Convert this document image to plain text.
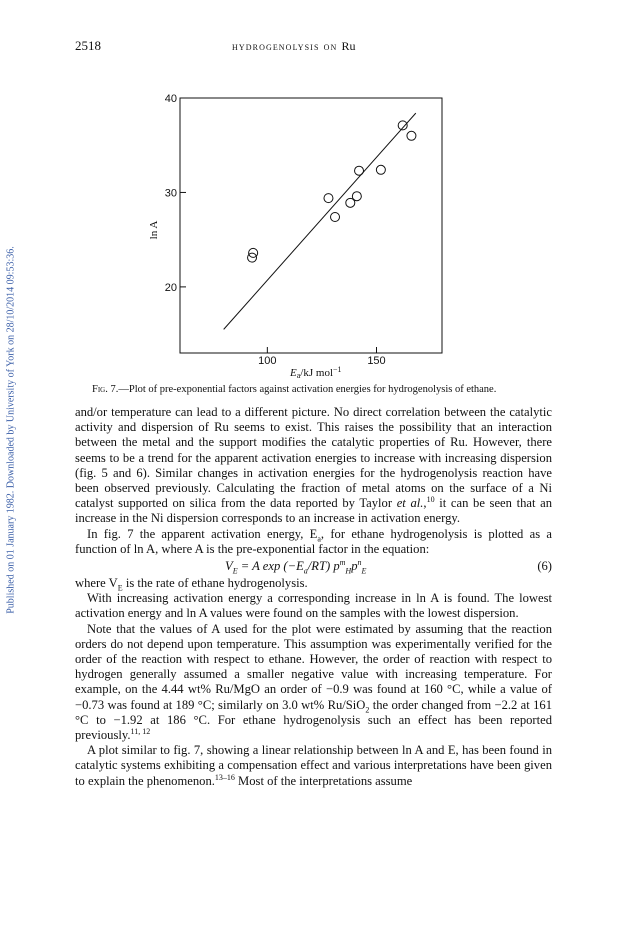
Published on 01 January 1982. Downloaded by University of York on 28/10/2014 09:53:36.
2518	hydrogenolysis on Ru
20
30
40
100	150
ln A
Ea/kJ mol$^{-1}$
Fig. 7.—Plot of pre-exponential factors against activation energies for hydrogenolysis of ethane.

and/or temperature can lead to a different picture. No direct correlation between the catalytic activity and dispersion of Ru seems to exist. This raises the possibility that an interaction between the metal and the support modifies the catalytic properties of Ru. However, there seems to be a trend for the apparent activation energies to increase with increasing dispersion (fig. 5 and 6). Similar changes in activation energies for the hydrogenolysis reaction have been observed previously. Calculating the fraction of metal atoms on the surface of a Ni catalyst supported on silica from the data reported by Taylor et al.,$^{10}$ it can be seen that an increase in the Ni dispersion corresponds to an increase in activation energy.

In fig. 7 the apparent activation energy, $E_a$, for ethane hydrogenolysis is plotted as a function of ln A, where A is the pre-exponential factor in the equation:

$V_E = A$ $\exp (-E_a/RT)$ $p^m_Hp^n_E$	(6)

where $V_E$ is the rate of ethane hydrogenolysis.

With increasing activation energy a corresponding increase in ln A is found. The lowest activation energy and ln A values were found on the samples with the lowest dispersion.

Note that the values of A used for the plot were estimated by assuming that the reaction orders do not depend upon temperature. This assumption was experimentally verified for the order of the reaction with respect to ethane. However, the order of reaction with respect to hydrogen generally assumed a smaller negative value with increasing temperature. For example, on the 4.44 wt% Ru/MgO an order of −0.9 was found at 160 °C, while a value of −0.73 was found at 189 °C; similarly on 3.0 wt% Ru/SiO$_2$ the order changed from −2.2 at 161 °C to −1.92 at 186 °C. For ethane hydrogenolysis such an effect has been reported previously.$^{11, 12}$

A plot similar to fig. 7, showing a linear relationship between ln A and E, has been found in catalytic systems exhibiting a compensation effect and various interpretations have been given to explain the phenomenon.$^{13-16}$ Most of the interpretations assume
